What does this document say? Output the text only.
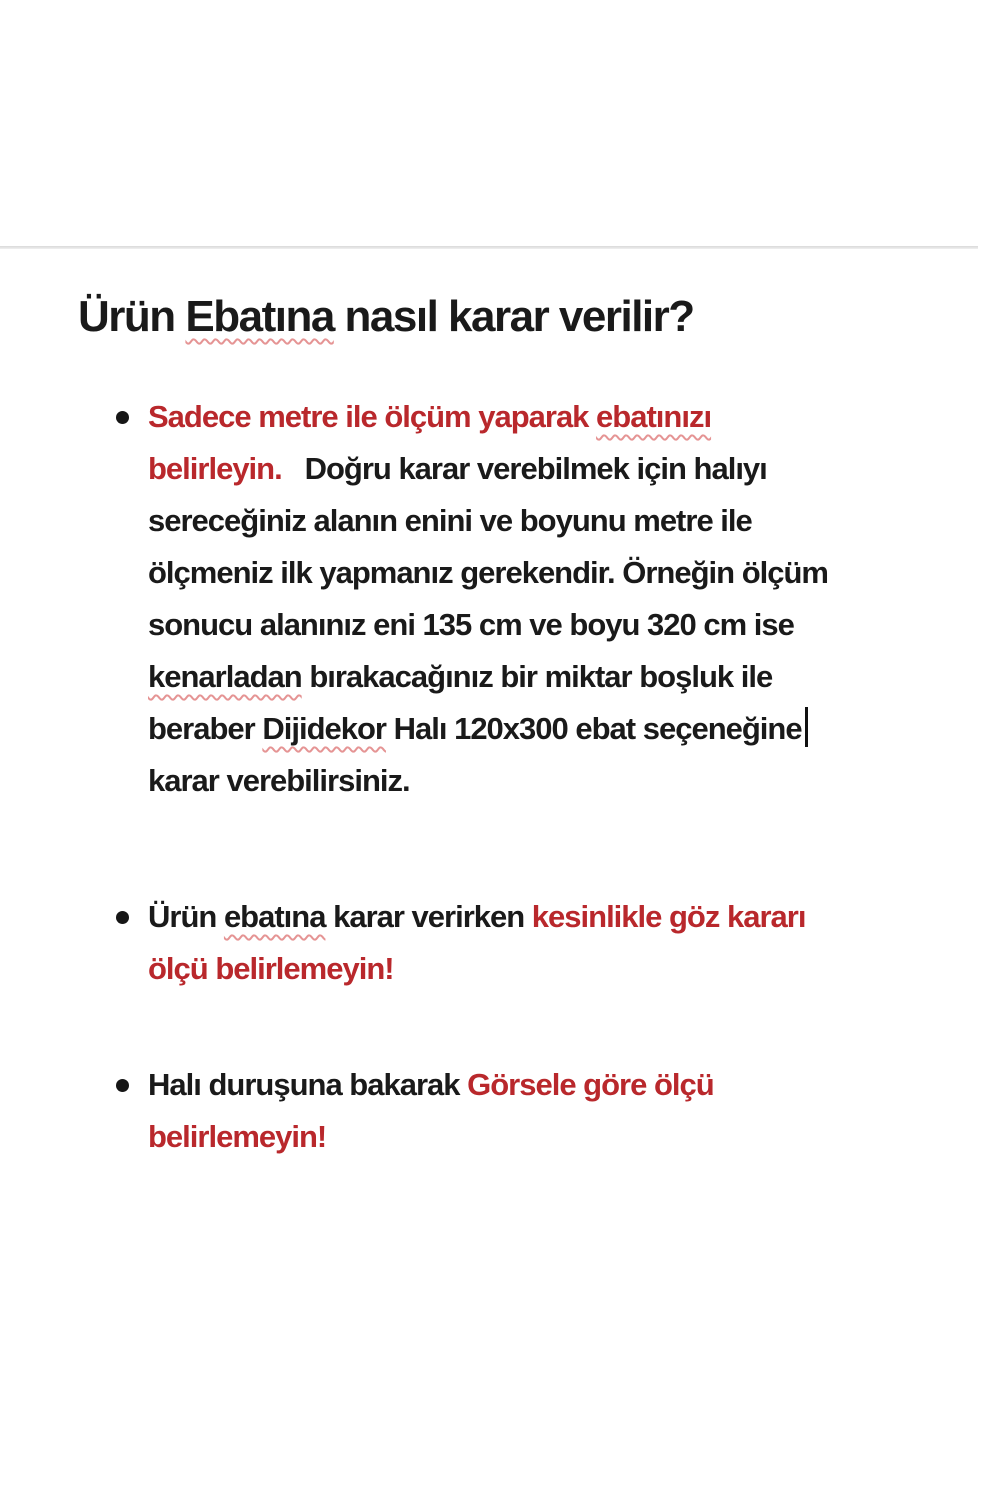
Ürün Ebatına nasıl karar verilir?
Sadece metre ile ölçüm yaparak ebatınızı
belirleyin.   Doğru karar verebilmek için halıyı
sereceğiniz alanın enini ve boyunu metre ile
ölçmeniz ilk yapmanız gerekendir. Örneğin ölçüm
sonucu alanınız eni 135 cm ve boyu 320 cm ise
kenarladan bırakacağınız bir miktar boşluk ile
beraber Dijidekor Halı 120x300 ebat seçeneğine
karar verebilirsiniz.
Ürün ebatına karar verirken kesinlikle göz kararı
ölçü belirlemeyin!
Halı duruşuna bakarak Görsele göre ölçü
belirlemeyin!
